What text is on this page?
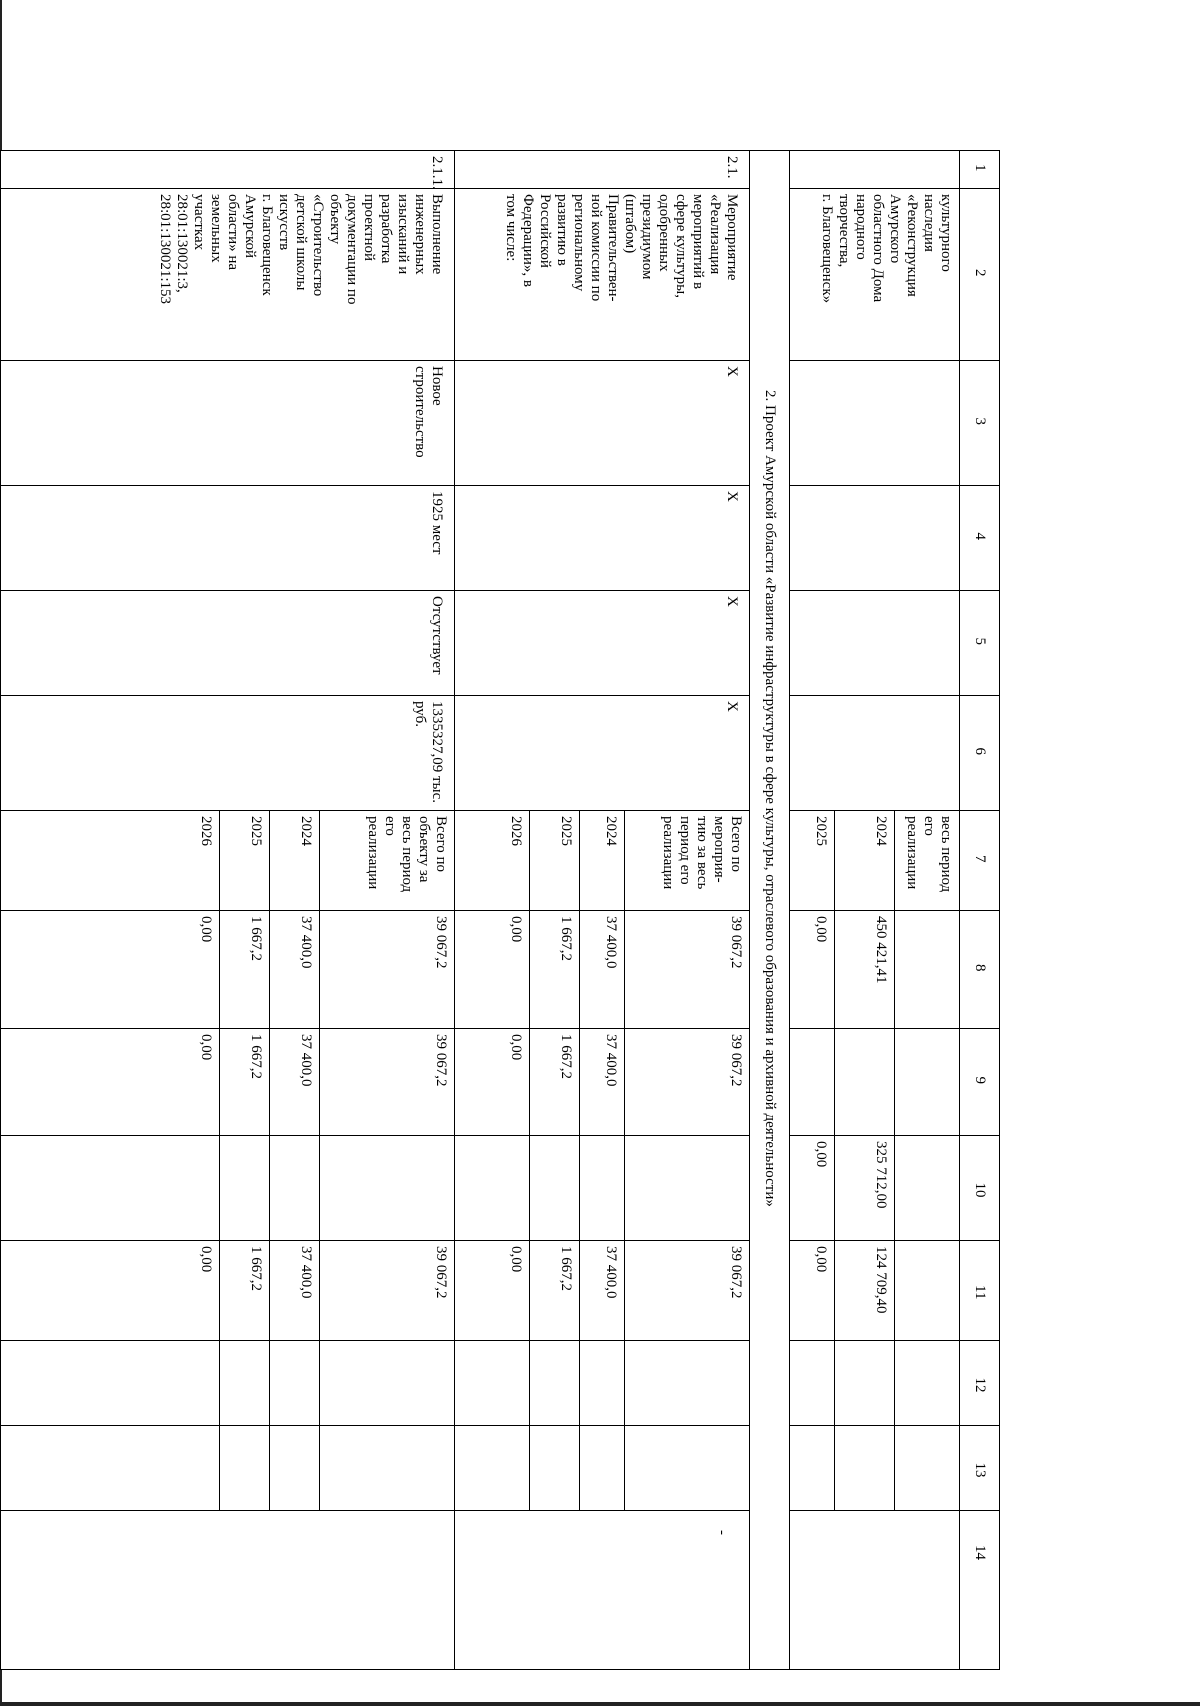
1
2
3
4
5
6
7
8
9
10
11
12
13
14
культурного
наследия
«Реконструкция
Амурского
областного Дома
народного
творчества,
г. Благовещенск»
весь период
его
реализации
2024
450 421,41
325 712,00
124 709,40
2025
0,00
0,00
0,00
2. Проект Амурской области «Развитие инфраструктуры в сфере культуры, отраслевого образования и архивной деятельности»
2.1.
Мероприятие
«Реализация
мероприятий в
сфере культуры,
одобренных
президиумом
(штабом)
Правительствен-
ной комиссии по
региональному
развитию в
Российской
Федерации», в
том числе:
Х
Х
Х
Х
-
Всего по
мероприя-
тию за весь
период его
реализации
39 067,2
39 067,2
39 067,2
2024
37 400,0
37 400,0
37 400,0
2025
1 667,2
1 667,2
1 667,2
2026
0,00
0,00
0,00
2.1.1.
Выполнение
инженерных
изысканий и
разработка
проектной
документации по
объекту
«Строительство
детской школы
искусств
г. Благовещенск
Амурской
области» на
земельных
участках
28:01:130021:3,
28:01:130021:153
Новое
строительство
1925 мест
Отсутствует
1335327,09 тыс.
руб.
Всего по
объекту за
весь период
его
реализации
39 067,2
39 067,2
39 067,2
2024
37 400,0
37 400,0
37 400,0
2025
1 667,2
1 667,2
1 667,2
2026
0,00
0,00
0,00
